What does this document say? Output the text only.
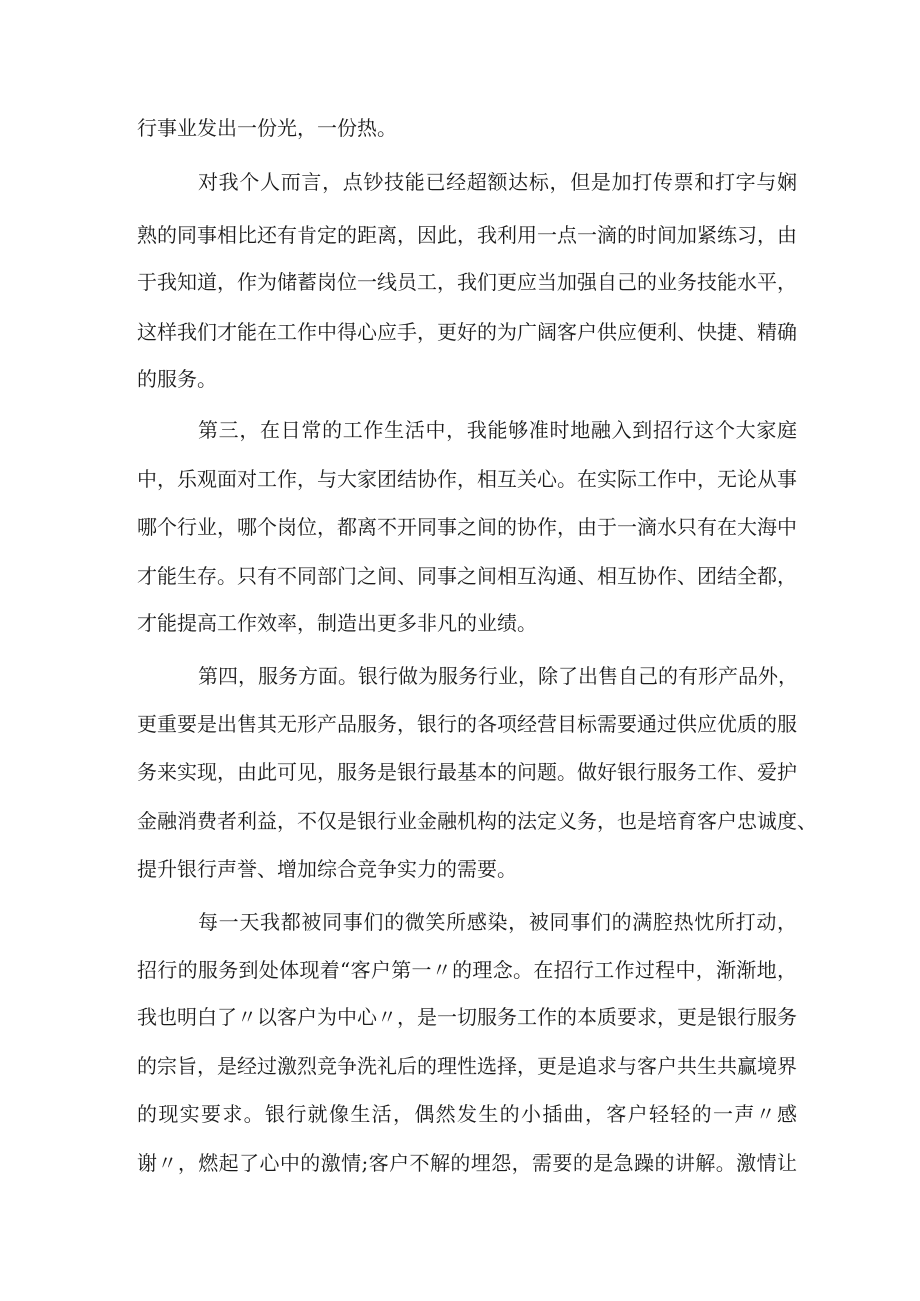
行事业发出一份光，一份热。
对我个人而言，点钞技能已经超额达标，但是加打传票和打字与娴
熟的同事相比还有肯定的距离，因此，我利用一点一滴的时间加紧练习，由
于我知道，作为储蓄岗位一线员工，我们更应当加强自己的业务技能水平，
这样我们才能在工作中得心应手，更好的为广阔客户供应便利、快捷、精确
的服务。
第三，在日常的工作生活中，我能够准时地融入到招行这个大家庭
中，乐观面对工作，与大家团结协作，相互关心。在实际工作中，无论从事
哪个行业，哪个岗位，都离不开同事之间的协作，由于一滴水只有在大海中
才能生存。只有不同部门之间、同事之间相互沟通、相互协作、团结全都，
才能提高工作效率，制造出更多非凡的业绩。
第四，服务方面。银行做为服务行业，除了出售自己的有形产品外，
更重要是出售其无形产品服务，银行的各项经营目标需要通过供应优质的服
务来实现，由此可见，服务是银行最基本的问题。做好银行服务工作、爱护
金融消费者利益，不仅是银行业金融机构的法定义务，也是培育客户忠诚度、
提升银行声誉、增加综合竞争实力的需要。
每一天我都被同事们的微笑所感染，被同事们的满腔热忱所打动，
招行的服务到处体现着“客户第一〃的理念。在招行工作过程中，渐渐地，
我也明白了〃以客户为中心〃，是一切服务工作的本质要求，更是银行服务
的宗旨，是经过激烈竞争洗礼后的理性选择，更是追求与客户共生共赢境界
的现实要求。银行就像生活，偶然发生的小插曲，客户轻轻的一声〃感
谢〃，燃起了心中的激情;客户不解的埋怨，需要的是急躁的讲解。激情让
